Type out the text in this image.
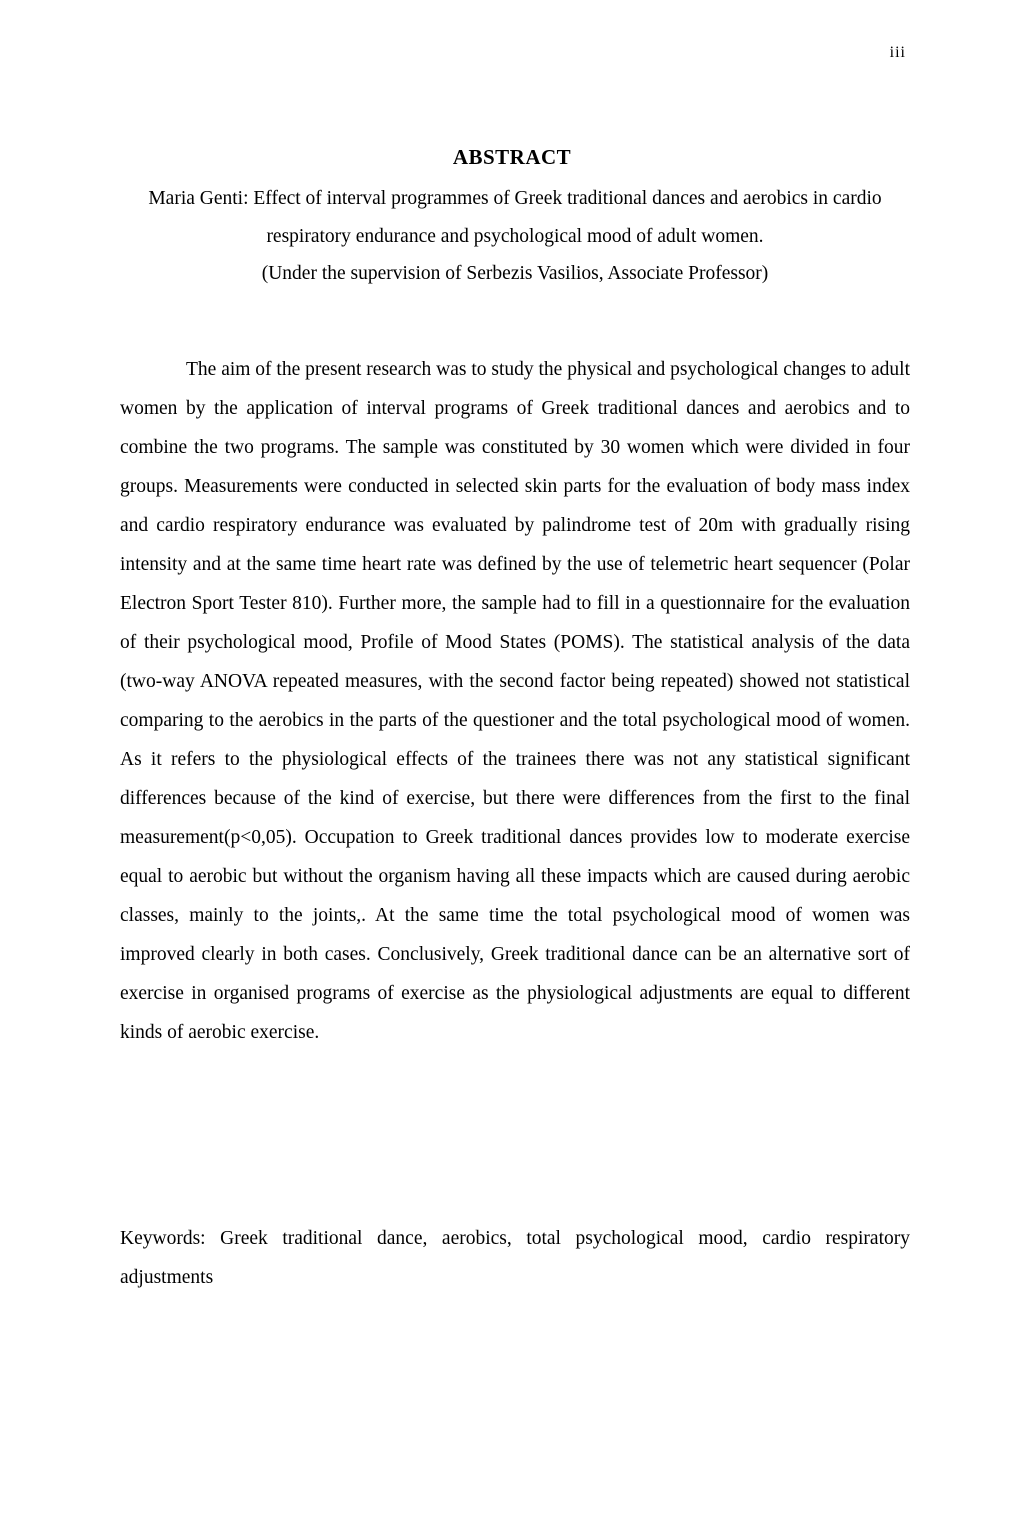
iii
ABSTRACT
Maria Genti: Effect of interval programmes of Greek traditional dances and aerobics in cardio respiratory endurance and psychological mood of adult women.
(Under the supervision of Serbezis Vasilios, Associate Professor)

The aim of the present research was to study the physical and psychological changes to adult women by the application of interval programs of Greek traditional dances and aerobics and to combine the two programs. The sample was constituted by 30 women which were divided in four groups. Measurements were conducted in selected skin parts for the evaluation of body mass index and cardio respiratory endurance was evaluated by palindrome test of 20m with gradually rising intensity and at the same time heart rate was defined by the use of telemetric heart sequencer (Polar Electron Sport Tester 810). Further more, the sample had to fill in a questionnaire for the evaluation of their psychological mood, Profile of Mood States (POMS). The statistical analysis of the data (two-way ANOVA repeated measures, with the second factor being repeated) showed not statistical comparing to the aerobics in the parts of the questioner and the total psychological mood of women. As it refers to the physiological effects of the trainees there was not any statistical significant differences because of the kind of exercise, but there were differences from the first to the final measurement(p<0,05). Occupation to Greek traditional dances provides low to moderate exercise equal to aerobic but without the organism having all these impacts which are caused during aerobic classes, mainly to the joints,. At the same time the total psychological mood of women was improved clearly in both cases. Conclusively, Greek traditional dance can be an alternative sort of exercise in organised programs of exercise as the physiological adjustments are equal to different kinds of aerobic exercise.

Keywords: Greek traditional dance, aerobics, total psychological mood, cardio respiratory adjustments
